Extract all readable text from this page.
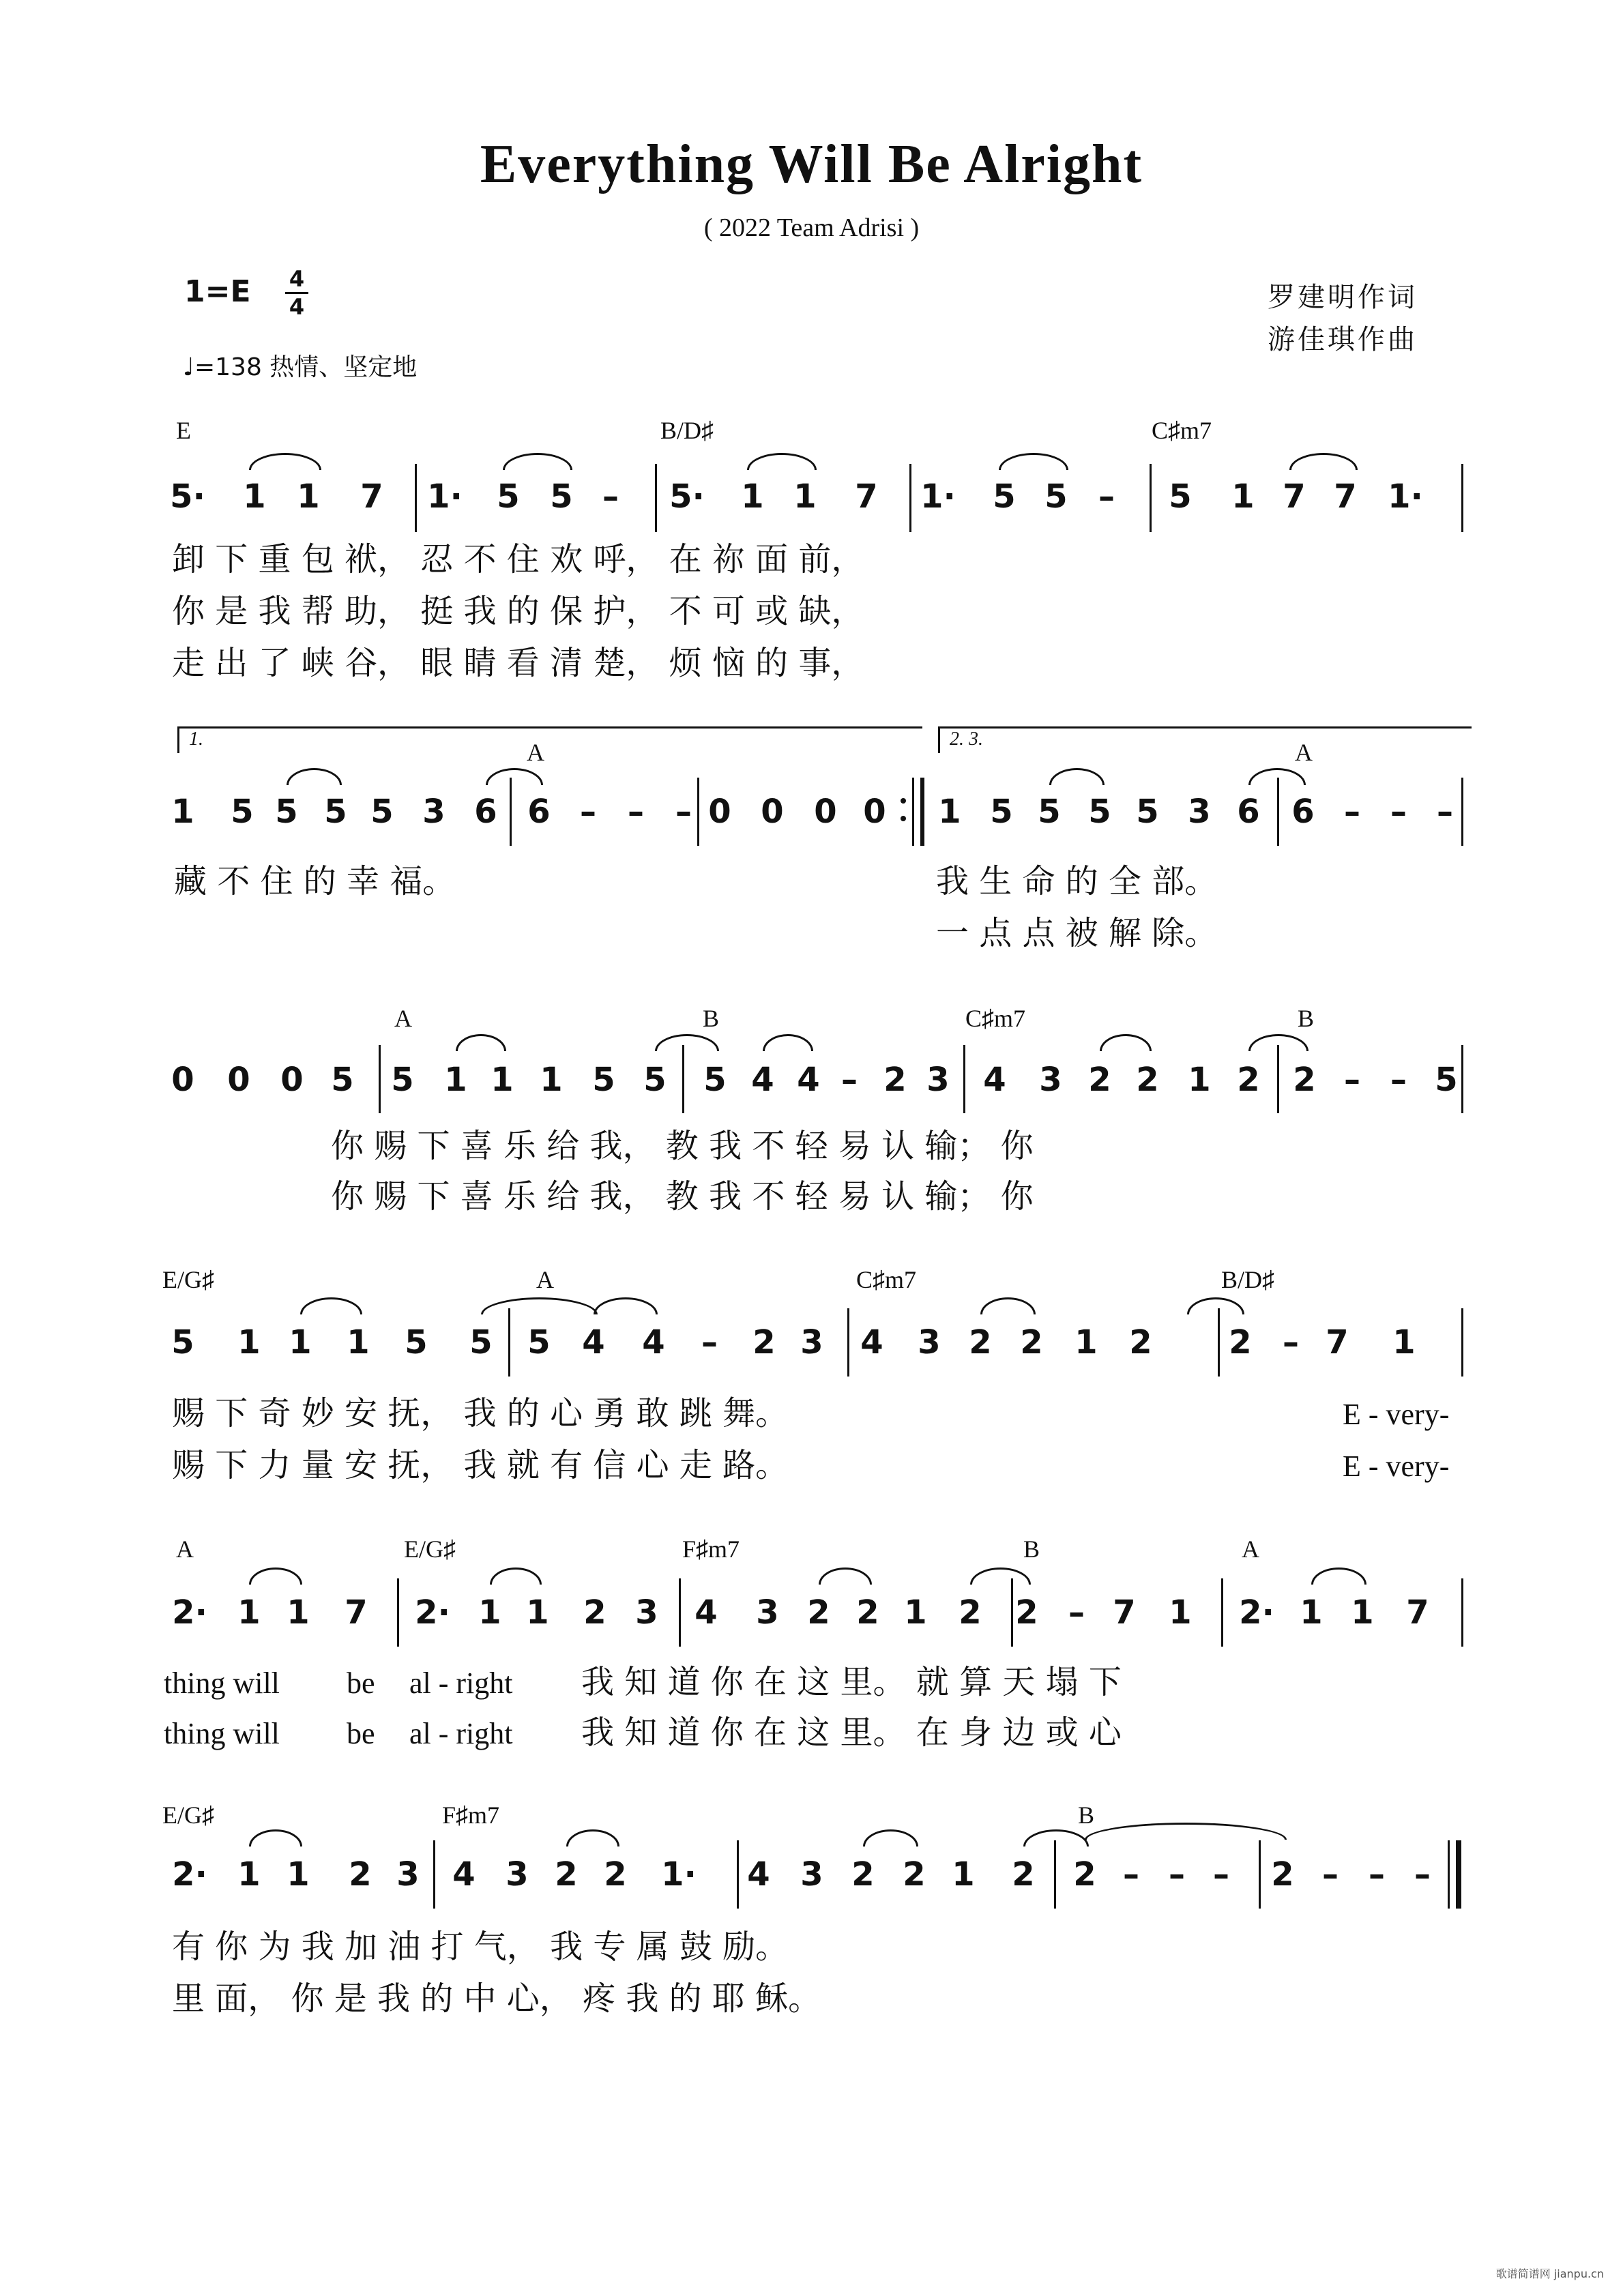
Everything Will Be Alright
( 2022 Team Adrisi )
1=E 4
4
♩=138 热情、坚定地
罗建明作词
游佳琪作曲
E	B/D♯	C♯m7
卸 下 重 包 袱， 忍 不 住 欢 呼， 在 祢 面 前，
你 是 我 帮 助， 挺 我 的 保 护， 不 可 或 缺，
走 出 了 峡 谷， 眼 睛 看 清 楚， 烦 恼 的 事，
5· 1 1 7 1· 5 5 –	5· 1 1 7 1· 5 5 –	5 1 7 7 1·
1.	2. 3.
A	A
藏 不 住 的 幸 福。	我 生 命 的 全 部。
一 点 点 被 解 除。
1 5 5 5 5 3 6 6 – – – 0 0 0 0 1 5 5 5 5 3 6 6 – – –
A	B	C♯m7	B
你 赐 下 喜 乐 给 我， 教 我 不 轻 易 认 输； 你
你 赐 下 喜 乐 给 我， 教 我 不 轻 易 认 输； 你
0 0 0 5 5 1 1 1 5 5 5 4 4 – 2 3 4 3 2 2 1 2 2 – – 5
E/G♯	A	C♯m7	B/D♯
赐 下 奇 妙 安 抚， 我 的 心 勇 敢 跳 舞。
赐 下 力 量 安 抚， 我 就 有 信 心 走 路。
E - very-
E - very-
5 1 1 1 5 5 5 4 4	–	2 3 4 3 2 2 1 2 2 – 7 1
A	E/G♯	F♯m7	B	A
thing will be al - right 我 知 道 你 在 这 里。 就 算 天 塌 下
thing will be al - right 我 知 道 你 在 这 里。 在 身 边 或 心
2· 1 1 7 2· 1 1 2 3 4 3 2 2 1 2 2 – 7 1 2· 1 1 7
E/G♯	F♯m7	B
有 你 为 我 加 油 打 气， 我 专 属 鼓 励。
里 面， 你 是 我 的 中 心， 疼 我 的 耶 稣。
2· 1 1 2 3 4 3 2 2 1· 4 3 2 2 1 2 2 – – –	2 – – –
歌谱简谱网 jianpu.cn
